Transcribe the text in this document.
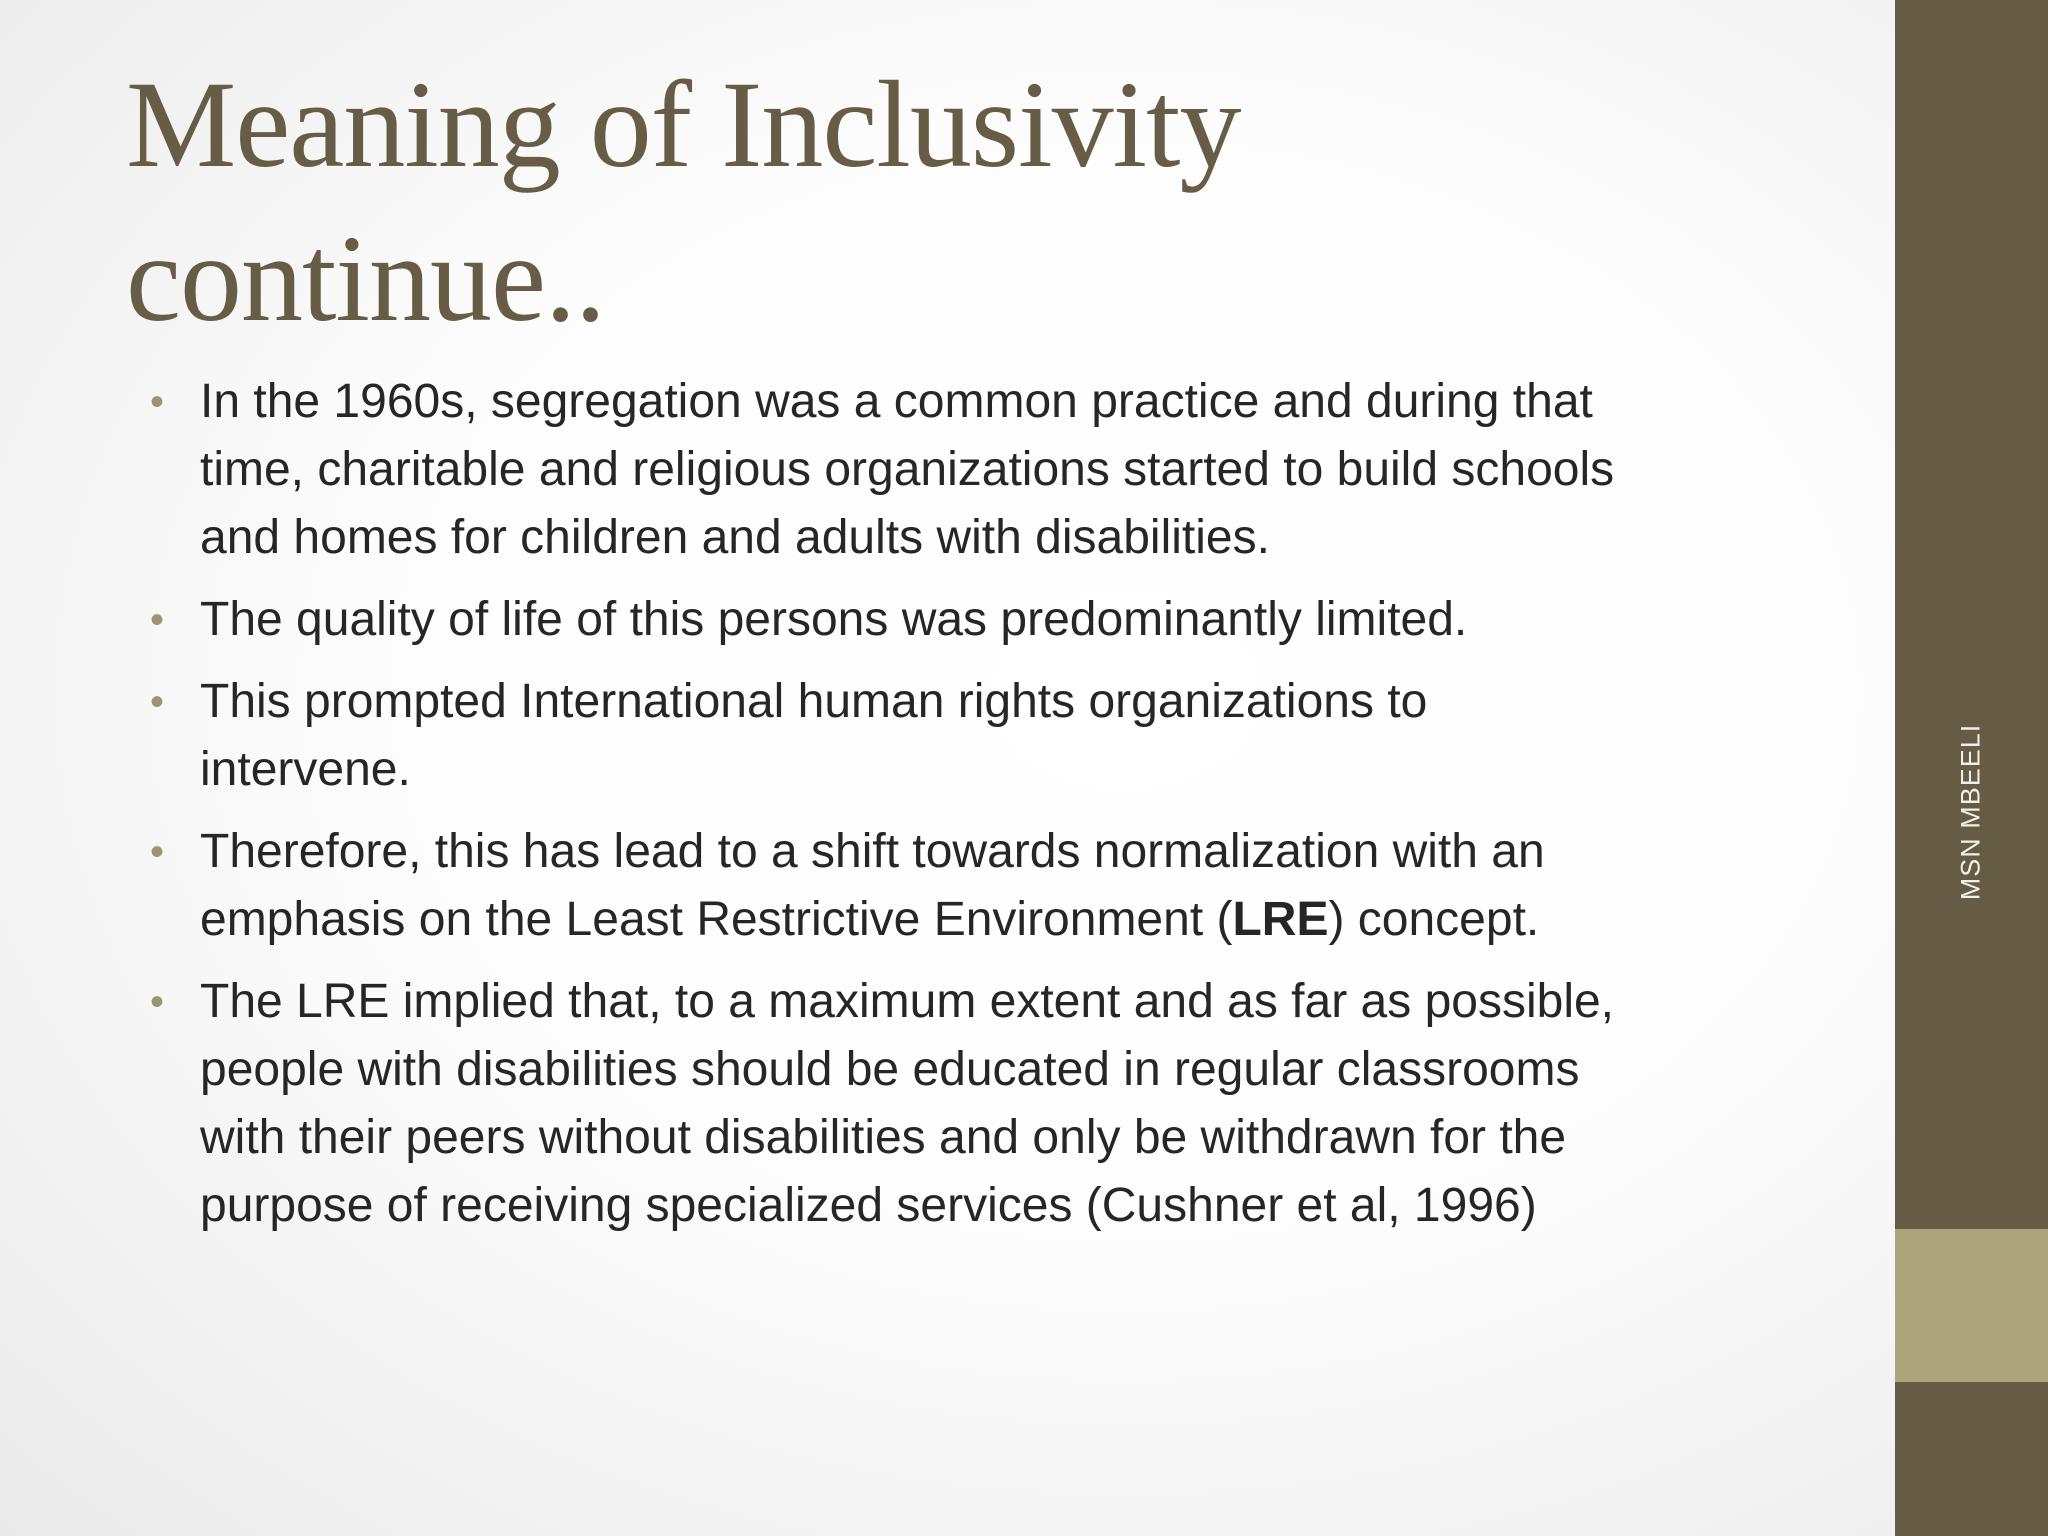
Meaning of Inclusivity
continue..
• In the 1960s, segregation was a common practice and during that
time, charitable and religious organizations started to build schools
and homes for children and adults with disabilities.
• The quality of life of this persons was predominantly limited.
• This prompted International human rights organizations to
intervene.
• Therefore, this has lead to a shift towards normalization with an
emphasis on the Least Restrictive Environment (LRE) concept.
• The LRE implied that, to a maximum extent and as far as possible,
people with disabilities should be educated in regular classrooms
with their peers without disabilities and only be withdrawn for the
purpose of receiving specialized services (Cushner et al, 1996)
MSN MBEELI
